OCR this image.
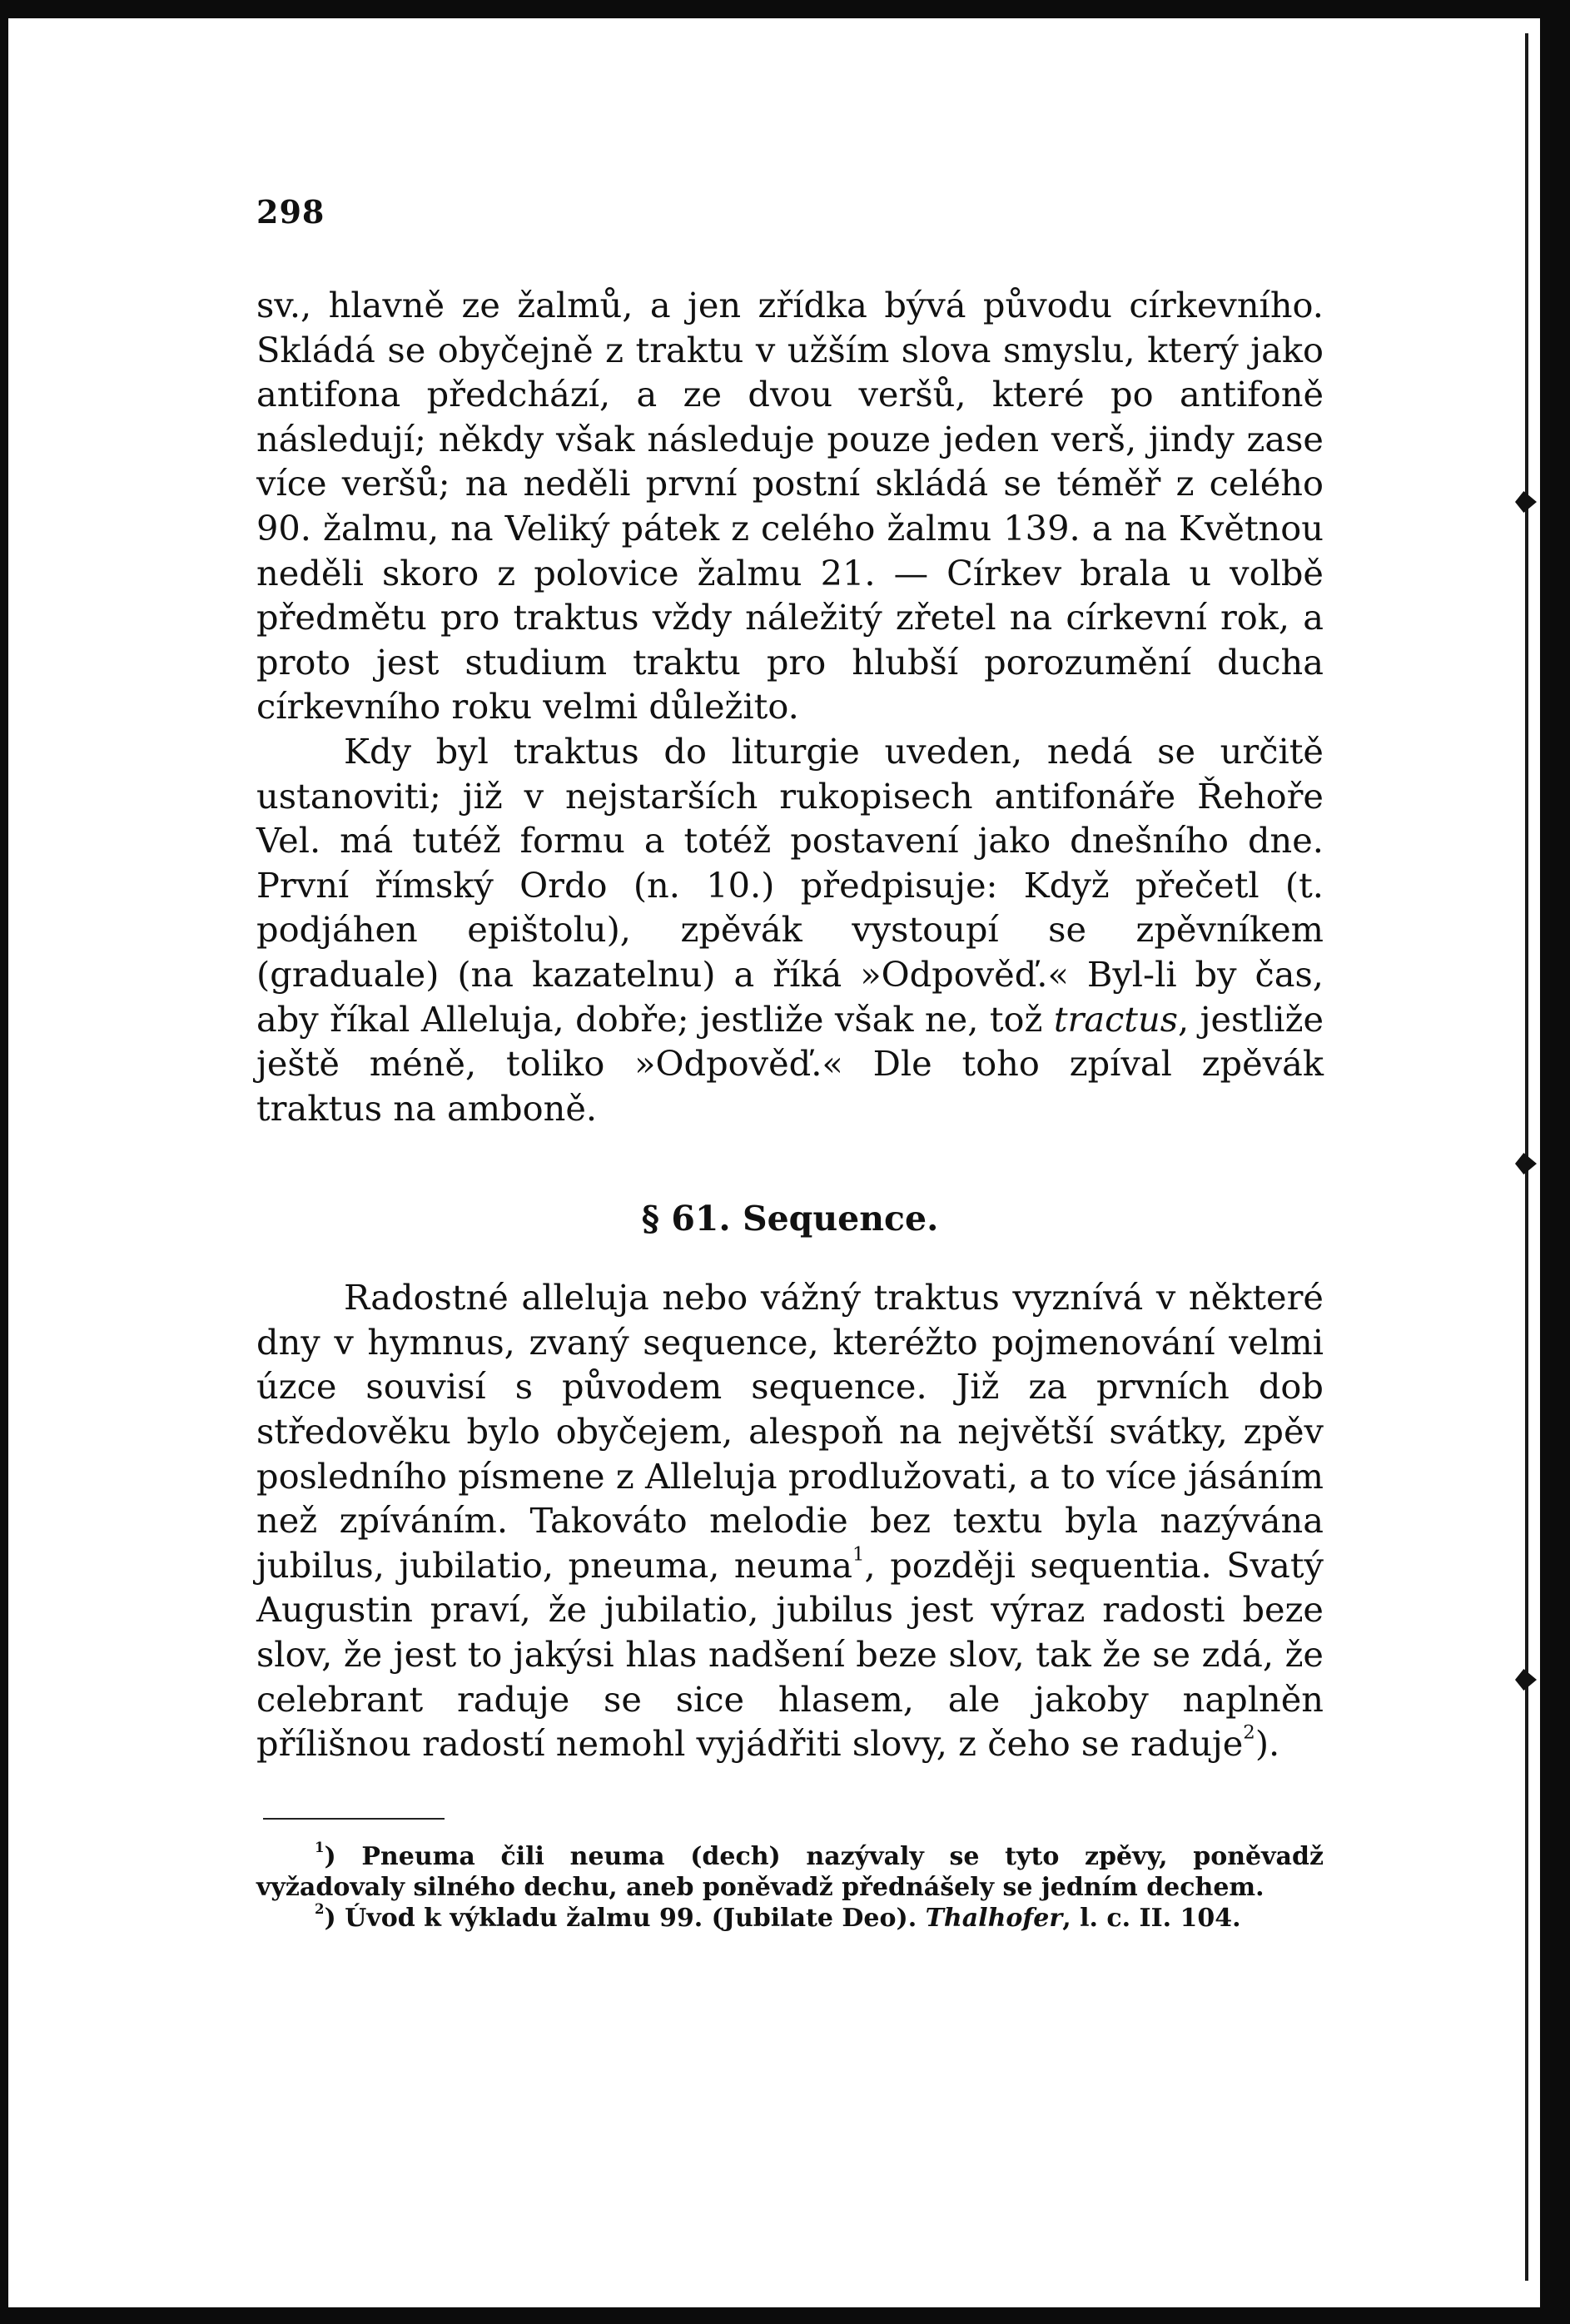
298

sv., hlavně ze žalmů, a jen zřídka bývá původu církevního. Skládá se obyčejně z traktu v užším slova smyslu, který jako antifona předchází, a ze dvou veršů, které po antifoně následují; někdy však následuje pouze jeden verš, jindy zase více veršů; na neděli první postní skládá se téměř z celého 90. žalmu, na Veliký pátek z celého žalmu 139. a na Květnou neděli skoro z polovice žalmu 21. — Církev brala u volbě předmětu pro traktus vždy náležitý zřetel na církevní rok, a proto jest studium traktu pro hlubší porozumění ducha církevního roku velmi důležito.

Kdy byl traktus do liturgie uveden, nedá se určitě ustanoviti; již v nejstarších rukopisech antifonáře Řehoře Vel. má tutéž formu a totéž postavení jako dnešního dne. První římský Ordo (n. 10.) předpisuje: Když přečetl (t. podjáhen epištolu), zpěvák vystoupí se zpěvníkem (graduale) (na kazatelnu) a říká »Odpověď.« Byl-li by čas, aby říkal Alleluja, dobře; jestliže však ne, tož tractus, jestliže ještě méně, toliko »Odpověď.« Dle toho zpíval zpěvák traktus na amboně.

§ 61. Sequence.

Radostné alleluja nebo vážný traktus vyznívá v některé dny v hymnus, zvaný sequence, kteréžto pojmenování velmi úzce souvisí s původem sequence. Již za prvních dob středověku bylo obyčejem, alespoň na největší svátky, zpěv posledního písmene z Alleluja prodlužovati, a to více jásáním než zpíváním. Takováto melodie bez textu byla nazývána jubilus, jubilatio, pneuma, neuma$^1$, později sequentia. Svatý Augustin praví, že jubilatio, jubilus jest výraz radosti beze slov, že jest to jakýsi hlas nadšení beze slov, tak že se zdá, že celebrant raduje se sice hlasem, ale jakoby naplněn přílišnou radostí nemohl vyjádřiti slovy, z čeho se raduje$^2$).

$^1$) Pneuma čili neuma (dech) nazývaly se tyto zpěvy, poněvadž vyžadovaly silného dechu, aneb poněvadž přednášely se jedním dechem.

$^2$) Úvod k výkladu žalmu 99. (Jubilate Deo). Thalhofer, l. c. II. 104.
